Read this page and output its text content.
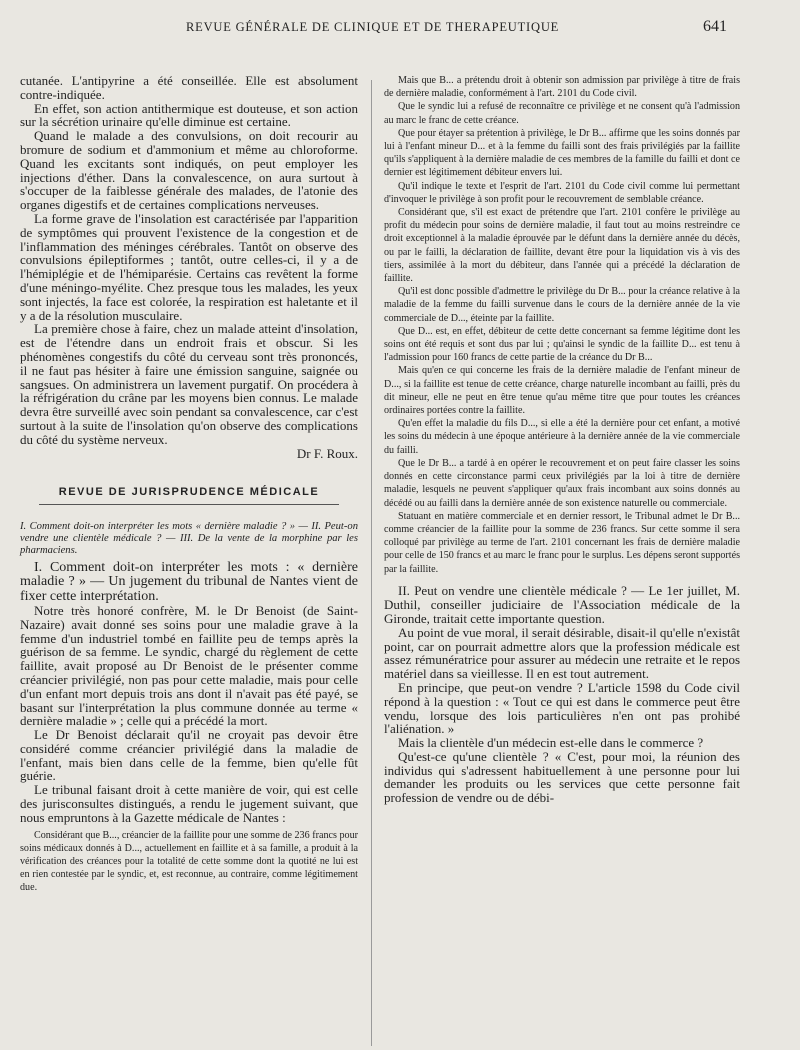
REVUE GÉNÉRALE DE CLINIQUE ET DE THERAPEUTIQUE	641

cutanée. L'antipyrine a été conseillée. Elle est absolument contre-indiquée.

En effet, son action antithermique est douteuse, et son action sur la sécrétion urinaire qu'elle diminue est certaine.

Quand le malade a des convulsions, on doit recourir au bromure de sodium et d'ammonium et même au chloroforme. Quand les excitants sont indiqués, on peut employer les injections d'éther. Dans la convalescence, on aura surtout à s'occuper de la faiblesse générale des malades, de l'atonie des organes digestifs et de certaines complications nerveuses.

La forme grave de l'insolation est caractérisée par l'apparition de symptômes qui prouvent l'existence de la congestion et de l'inflammation des méninges cérébrales. Tantôt on observe des convulsions épileptiformes ; tantôt, outre celles-ci, il y a de l'hémiplégie et de l'hémiparésie. Certains cas revêtent la forme d'une méningo-myélite. Chez presque tous les malades, les yeux sont injectés, la face est colorée, la respiration est haletante et il y a de la résolution musculaire.

La première chose à faire, chez un malade atteint d'insolation, est de l'étendre dans un endroit frais et obscur. Si les phénomènes congestifs du côté du cerveau sont très prononcés, il ne faut pas hésiter à faire une émission sanguine, saignée ou sangsues. On administrera un lavement purgatif. On procédera à la réfrigération du crâne par les moyens bien connus. Le malade devra être surveillé avec soin pendant sa convalescence, car c'est surtout à la suite de l'insolation qu'on observe des complications du côté du système nerveux.

Dr F. Roux.

REVUE DE JURISPRUDENCE MÉDICALE

I. Comment doit-on interpréter les mots « dernière maladie ? » — II. Peut-on vendre une clientèle médicale ? — III. De la vente de la morphine par les pharmaciens.

I. Comment doit-on interpréter les mots : « dernière maladie ? » — Un jugement du tribunal de Nantes vient de fixer cette interprétation.

Notre très honoré confrère, M. le Dr Benoist (de Saint-Nazaire) avait donné ses soins pour une maladie grave à la femme d'un industriel tombé en faillite peu de temps après la guérison de sa femme. Le syndic, chargé du règlement de cette faillite, avait proposé au Dr Benoist de le présenter comme créancier privilégié, non pas pour cette maladie, mais pour celle d'un enfant mort depuis trois ans dont il n'avait pas été payé, se basant sur l'interprétation la plus commune donnée au terme « dernière maladie » ; celle qui a précédé la mort.

Le Dr Benoist déclarait qu'il ne croyait pas devoir être considéré comme créancier privilégié dans la maladie de l'enfant, mais bien dans celle de la femme, bien qu'elle fût guérie.

Le tribunal faisant droit à cette manière de voir, qui est celle des jurisconsultes distingués, a rendu le jugement suivant, que nous empruntons à la Gazette médicale de Nantes :

Considérant que B..., créancier de la faillite pour une somme de 236 francs pour soins médicaux donnés à D..., actuellement en faillite et à sa famille, a produit à la vérification des créances pour la totalité de cette somme dont la quotité ne lui est en rien contestée par le syndic, et, est reconnue, au contraire, comme légitimement due.

Mais que B... a prétendu droit à obtenir son admission par privilège à titre de frais de dernière maladie, conformément à l'art. 2101 du Code civil.

Que le syndic lui a refusé de reconnaître ce privilège et ne consent qu'à l'admission au marc le franc de cette créance.

Que pour étayer sa prétention à privilège, le Dr B... affirme que les soins donnés par lui à l'enfant mineur D... et à la femme du failli sont des frais privilégiés par la faillite qu'ils s'appliquent à la dernière maladie de ces membres de la famille du failli et dont ce dernier est légitimement débiteur envers lui.

Qu'il indique le texte et l'esprit de l'art. 2101 du Code civil comme lui permettant d'invoquer le privilège à son profit pour le recouvrement de semblable créance.

Considérant que, s'il est exact de prétendre que l'art. 2101 confère le privilège au profit du médecin pour soins de dernière maladie, il faut tout au moins restreindre ce droit exceptionnel à la maladie éprouvée par le défunt dans la dernière année du décès, ou par le failli, la déclaration de faillite, devant être pour la liquidation vis à vis des tiers, assimilée à la mort du débiteur, dans l'année qui a précédé la déclaration de faillite.

Qu'il est donc possible d'admettre le privilège du Dr B... pour la créance relative à la maladie de la femme du failli survenue dans le cours de la dernière année de la vie commerciale de D..., éteinte par la faillite.

Que D... est, en effet, débiteur de cette dette concernant sa femme légitime dont les soins ont été requis et sont dus par lui ; qu'ainsi le syndic de la faillite D... est tenu à l'admission pour 160 francs de cette partie de la créance du Dr B...

Mais qu'en ce qui concerne les frais de la dernière maladie de l'enfant mineur de D..., si la faillite est tenue de cette créance, charge naturelle incombant au failli, près du dit mineur, elle ne peut en être tenue qu'au même titre que pour toutes les créances ordinaires portées contre la faillite.

Qu'en effet la maladie du fils D..., si elle a été la dernière pour cet enfant, a motivé les soins du médecin à une époque antérieure à la dernière année de la vie commerciale du failli.

Que le Dr B... a tardé à en opérer le recouvrement et on peut faire classer les soins donnés en cette circonstance parmi ceux privilégiés par la loi à titre de dernière maladie, lesquels ne peuvent s'appliquer qu'aux frais incombant aux soins donnés au décédé ou au failli dans la dernière année de son existence naturelle ou commerciale.

Statuant en matière commerciale et en dernier ressort, le Tribunal admet le Dr B... comme créancier de la faillite pour la somme de 236 francs. Sur cette somme il sera colloqué par privilège au terme de l'art. 2101 concernant les frais de dernière maladie pour celle de 150 francs et au marc le franc pour le surplus. Les dépens seront supportés par la faillite.

II. Peut on vendre une clientèle médicale ? — Le 1er juillet, M. Duthil, conseiller judiciaire de l'Association médicale de la Gironde, traitait cette importante question.

Au point de vue moral, il serait désirable, disait-il qu'elle n'existât point, car on pourrait admettre alors que la profession médicale est assez rémunératrice pour assurer au médecin une retraite et le repos matériel dans sa vieillesse. Il en est tout autrement.

En principe, que peut-on vendre ? L'article 1598 du Code civil répond à la question : « Tout ce qui est dans le commerce peut être vendu, lorsque des lois particulières n'en ont pas prohibé l'aliénation. »

Mais la clientèle d'un médecin est-elle dans le commerce ?

Qu'est-ce qu'une clientèle ? « C'est, pour moi, la réunion des individus qui s'adressent habituellement à une personne pour lui demander les produits ou les services que cette personne fait profession de vendre ou de débi-
